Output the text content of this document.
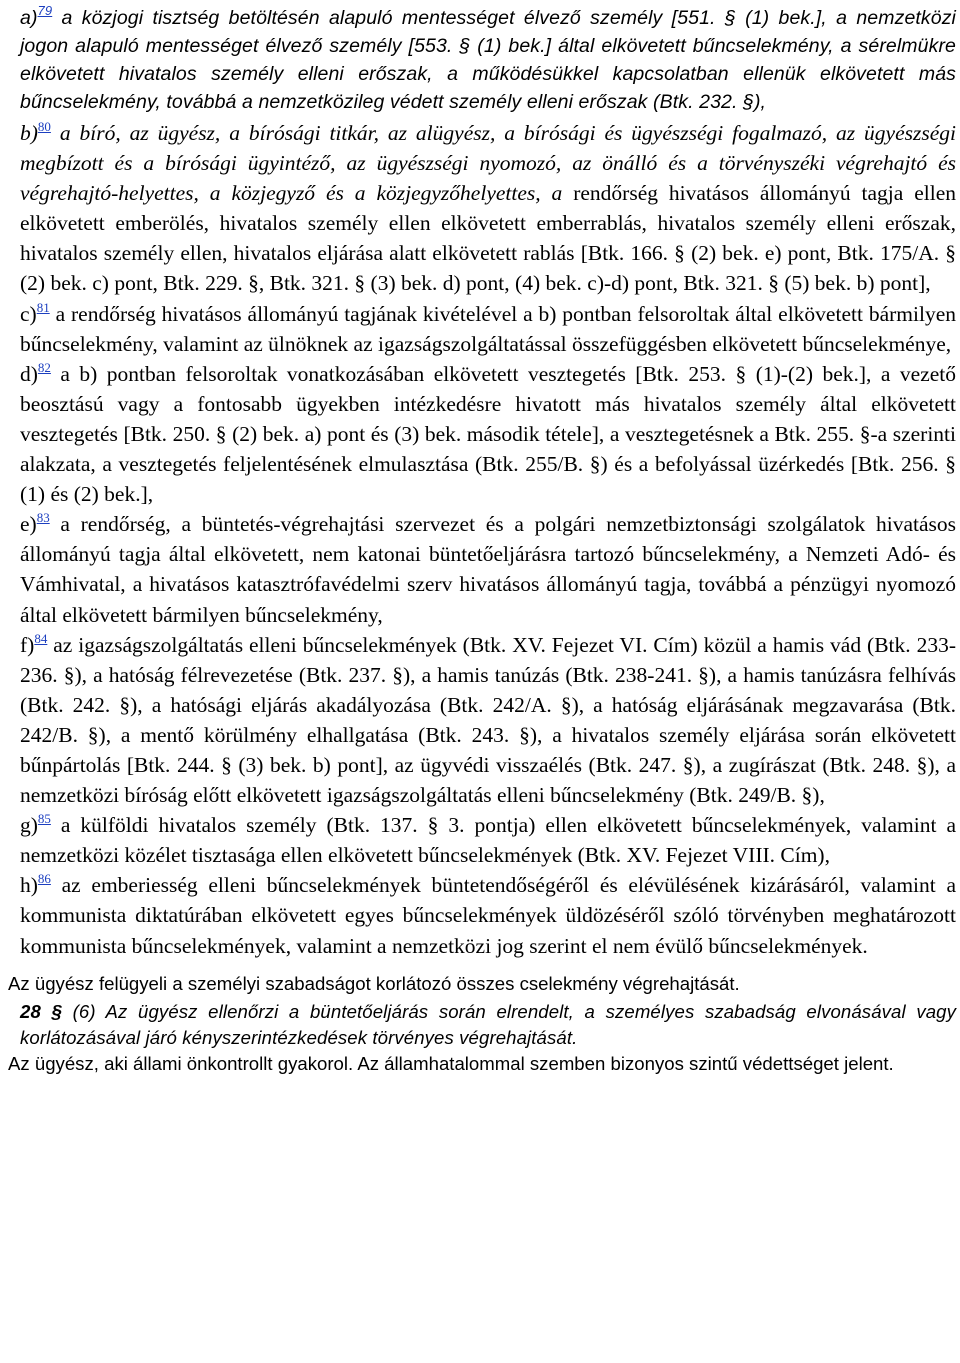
a)$^{79}$ a közjogi tisztség betöltésén alapuló mentességet élvező személy [551. § (1) bek.], a nemzetközi jogon alapuló mentességet élvező személy [553. § (1) bek.] által elkövetett bűncselekmény, a sérelmükre elkövetett hivatalos személy elleni erőszak, a működésükkel kapcsolatban ellenük elkövetett más bűncselekmény, továbbá a nemzetközileg védett személy elleni erőszak (Btk. 232. §),

b)$^{80}$ a bíró, az ügyész, a bírósági titkár, az alügyész, a bírósági és ügyészségi fogalmazó, az ügyészségi megbízott és a bírósági ügyintéző, az ügyészségi nyomozó, az önálló és a törvényszéki végrehajtó és végrehajtó-helyettes, a közjegyző és a közjegyzőhelyettes, a rendőrség hivatásos állományú tagja ellen elkövetett emberölés, hivatalos személy ellen elkövetett emberrablás, hivatalos személy elleni erőszak, hivatalos személy ellen, hivatalos eljárása alatt elkövetett rablás [Btk. 166. § (2) bek. e) pont, Btk. 175/A. § (2) bek. c) pont, Btk. 229. §, Btk. 321. § (3) bek. d) pont, (4) bek. c)-d) pont, Btk. 321. § (5) bek. b) pont],

c)$^{81}$ a rendőrség hivatásos állományú tagjának kivételével a b) pontban felsoroltak által elkövetett bármilyen bűncselekmény, valamint az ülnöknek az igazságszolgáltatással összefüggésben elkövetett bűncselekménye,

d)$^{82}$ a b) pontban felsoroltak vonatkozásában elkövetett vesztegetés [Btk. 253. § (1)-(2) bek.], a vezető beosztású vagy a fontosabb ügyekben intézkedésre hivatott más hivatalos személy által elkövetett vesztegetés [Btk. 250. § (2) bek. a) pont és (3) bek. második tétele], a vesztegetésnek a Btk. 255. §-a szerinti alakzata, a vesztegetés feljelentésének elmulasztása (Btk. 255/B. §) és a befolyással üzérkedés [Btk. 256. § (1) és (2) bek.],

e)$^{83}$ a rendőrség, a büntetés-végrehajtási szervezet és a polgári nemzetbiztonsági szolgálatok hivatásos állományú tagja által elkövetett, nem katonai büntetőeljárásra tartozó bűncselekmény, a Nemzeti Adó- és Vámhivatal, a hivatásos katasztrófavédelmi szerv hivatásos állományú tagja, továbbá a pénzügyi nyomozó által elkövetett bármilyen bűncselekmény,

f)$^{84}$ az igazságszolgáltatás elleni bűncselekmények (Btk. XV. Fejezet VI. Cím) közül a hamis vád (Btk. 233-236. §), a hatóság félrevezetése (Btk. 237. §), a hamis tanúzás (Btk. 238-241. §), a hamis tanúzásra felhívás (Btk. 242. §), a hatósági eljárás akadályozása (Btk. 242/A. §), a hatóság eljárásának megzavarása (Btk. 242/B. §), a mentő körülmény elhallgatása (Btk. 243. §), a hivatalos személy eljárása során elkövetett bűnpártolás [Btk. 244. § (3) bek. b) pont], az ügyvédi visszaélés (Btk. 247. §), a zugírászat (Btk. 248. §), a nemzetközi bíróság előtt elkövetett igazságszolgáltatás elleni bűncselekmény (Btk. 249/B. §),

g)$^{85}$ a külföldi hivatalos személy (Btk. 137. § 3. pontja) ellen elkövetett bűncselekmények, valamint a nemzetközi közélet tisztasága ellen elkövetett bűncselekmények (Btk. XV. Fejezet VIII. Cím),

h)$^{86}$ az emberiesség elleni bűncselekmények büntetendőségéről és elévülésének kizárásáról, valamint a kommunista diktatúrában elkövetett egyes bűncselekmények üldözéséről szóló törvényben meghatározott kommunista bűncselekmények, valamint a nemzetközi jog szerint el nem évülő bűncselekmények.

Az ügyész felügyeli a személyi szabadságot korlátozó összes cselekmény végrehajtását.

28 § (6) Az ügyész ellenőrzi a büntetőeljárás során elrendelt, a személyes szabadság elvonásával vagy korlátozásával járó kényszerintézkedések törvényes végrehajtását.

Az ügyész, aki állami önkontrollt gyakorol. Az államhatalommal szemben bizonyos szintű védettséget jelent.
